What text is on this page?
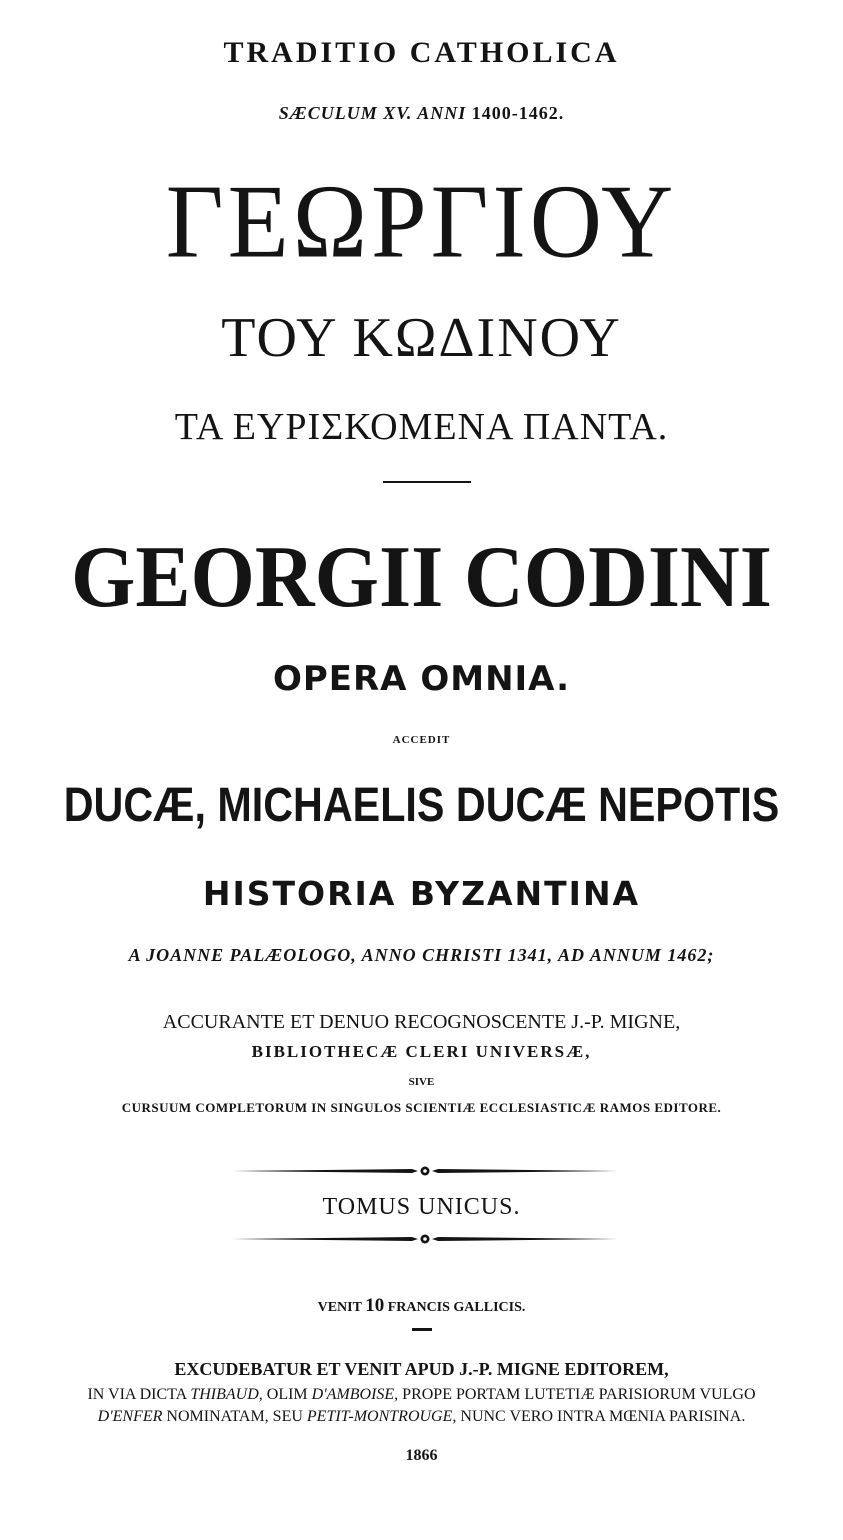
TRADITIO CATHOLICA
SÆCULUM XV. ANNI 1400-1462.
ΓΕΩΡΓΙΟΥ
ΤΟΥ ΚΩΔΙΝΟΥ
ΤΑ ΕΥΡΙΣΚΟΜΕΝΑ ΠΑΝΤΑ.
GEORGII CODINI
OPERA OMNIA.
ACCEDIT
DUCÆ, MICHAELIS DUCÆ NEPOTIS
HISTORIA BYZANTINA
A JOANNE PALÆOLOGO, ANNO CHRISTI 1341, AD ANNUM 1462;
ACCURANTE ET DENUO RECOGNOSCENTE J.-P. MIGNE,
BIBLIOTHECÆ CLERI UNIVERSÆ,
SIVE
CURSUUM COMPLETORUM IN SINGULOS SCIENTIÆ ECCLESIASTICÆ RAMOS EDITORE.
TOMUS UNICUS.
VENIT 10 FRANCIS GALLICIS.
EXCUDEBATUR ET VENIT APUD J.-P. MIGNE EDITOREM,
IN VIA DICTA THIBAUD, OLIM D'AMBOISE, PROPE PORTAM LUTETIÆ PARISIORUM VULGO
D'ENFER NOMINATAM, SEU PETIT-MONTROUGE, NUNC VERO INTRA MŒNIA PARISINA.
1866
